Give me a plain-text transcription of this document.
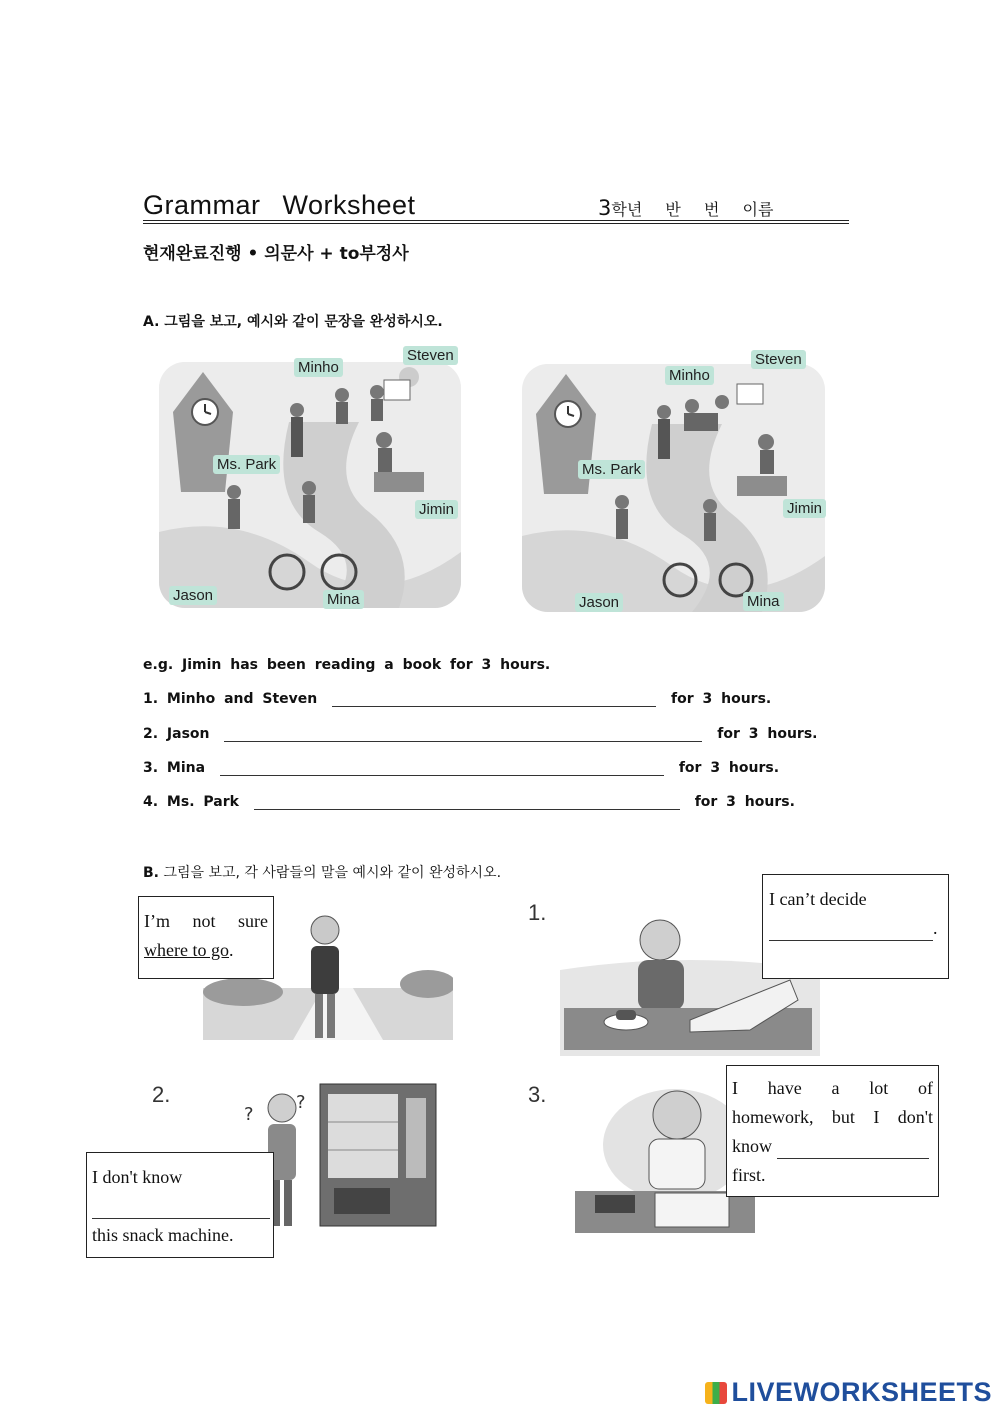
Grammar Worksheet	3학년 반 번 이름
현재완료진행 • 의문사 + to부정사
A. 그림을 보고, 예시와 같이 문장을 완성하시오.
Minho
Steven
Ms. Park
Jimin
Jason	Mina
Minho
Steven
Ms. Park
Jimin
Jason	Mina
e.g. Jimin has been reading a book for 3 hours.
1. Minho and Steven	for 3 hours.
2. Jason	for 3 hours.
3. Mina	for 3 hours.
4. Ms. Park	for 3 hours.
B. 그림을 보고, 각 사람들의 말을 예시와 같이 완성하시오.
I’m not sure
where to go.
1.
I can’t decide
.
2.
?
?
I don't know
this snack machine.
3.	I have a lot of
homework, but I don't
know
first.
LIVEWORKSHEETS
